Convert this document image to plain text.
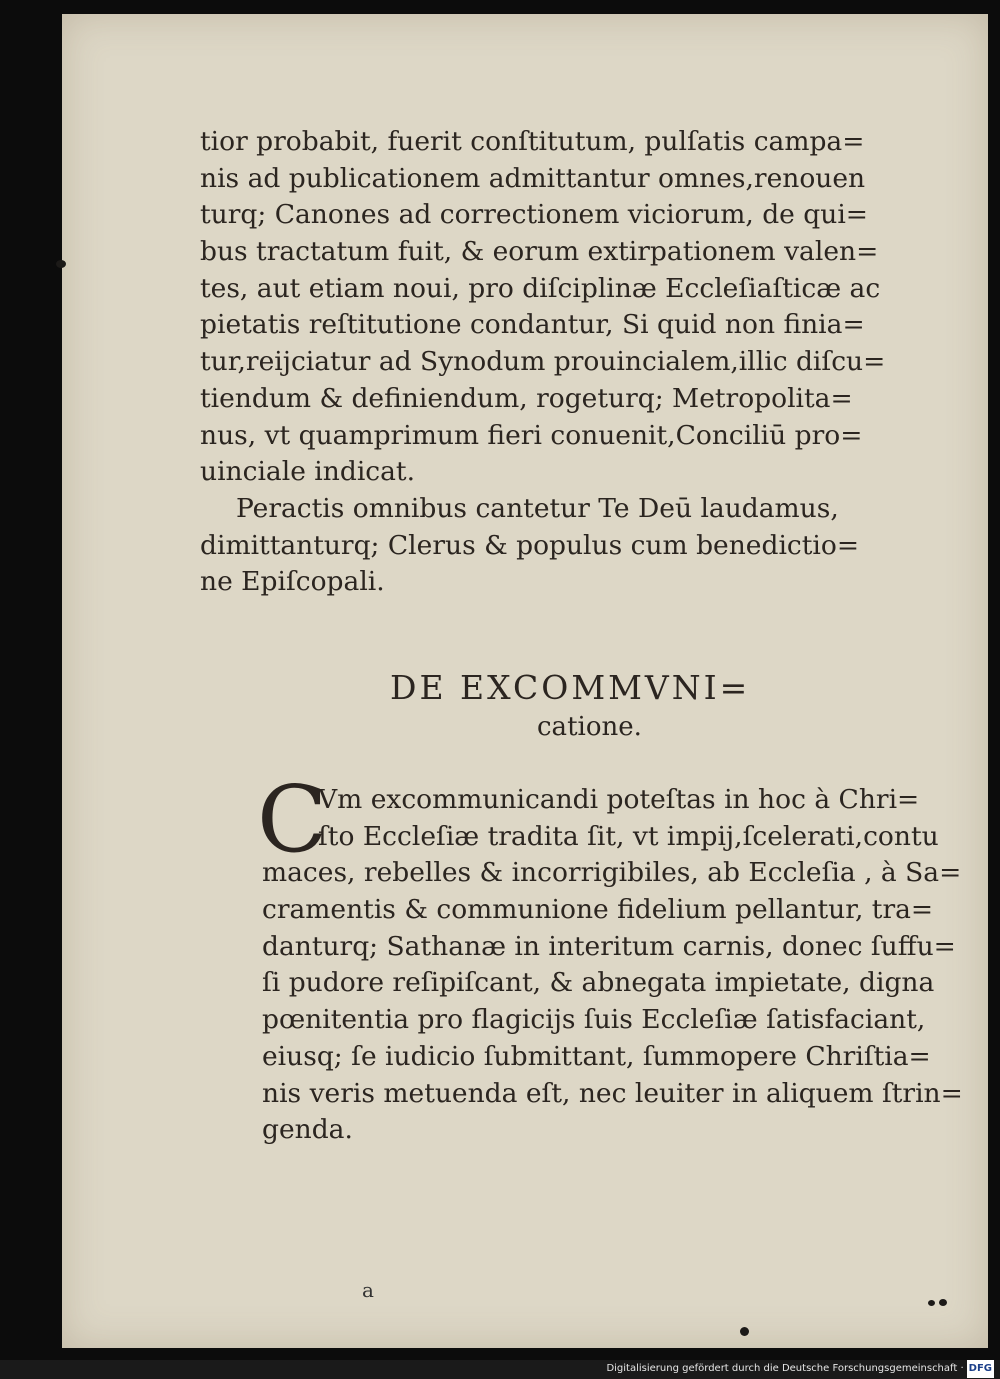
tior probabit, fuerit conſtitutum, pulſatis campa=
nis ad publicationem admittantur omnes,renouen
turq; Canones ad correctionem viciorum, de qui=
bus tractatum fuit, & eorum extirpationem valen=
tes, aut etiam noui, pro diſciplinæ Eccleſiaſticæ ac
pietatis reſtitutione condantur, Si quid non finia=
tur,reijciatur ad Synodum prouincialem,illic diſcu=
tiendum & definiendum, rogeturq; Metropolita=
nus, vt quamprimum fieri conuenit,Conciliū pro=
uinciale indicat.
Peractis omnibus cantetur Te Deū laudamus,
dimittanturq; Clerus & populus cum benedictio=
ne Epiſcopali.
DE EXCOMMVNI=
catione.
C
Vm excommunicandi poteſtas in hoc à Chri=
ſto Eccleſiæ tradita ſit, vt impij,ſcelerati,contu
maces, rebelles & incorrigibiles, ab Eccleſia , à Sa=
cramentis & communione fidelium pellantur, tra=
danturq; Sathanæ in interitum carnis, donec ſuffu=
ſi pudore reſipiſcant, & abnegata impietate, digna
pœnitentia pro flagicijs ſuis Eccleſiæ ſatisfaciant,
eiusq; ſe iudicio ſubmittant, ſummopere Chriſtia=
nis veris metuenda eſt, nec leuiter in aliquem ſtrin=
genda.
a
Digitalisierung gefördert durch die Deutsche Forschungsgemeinschaft · DFG
